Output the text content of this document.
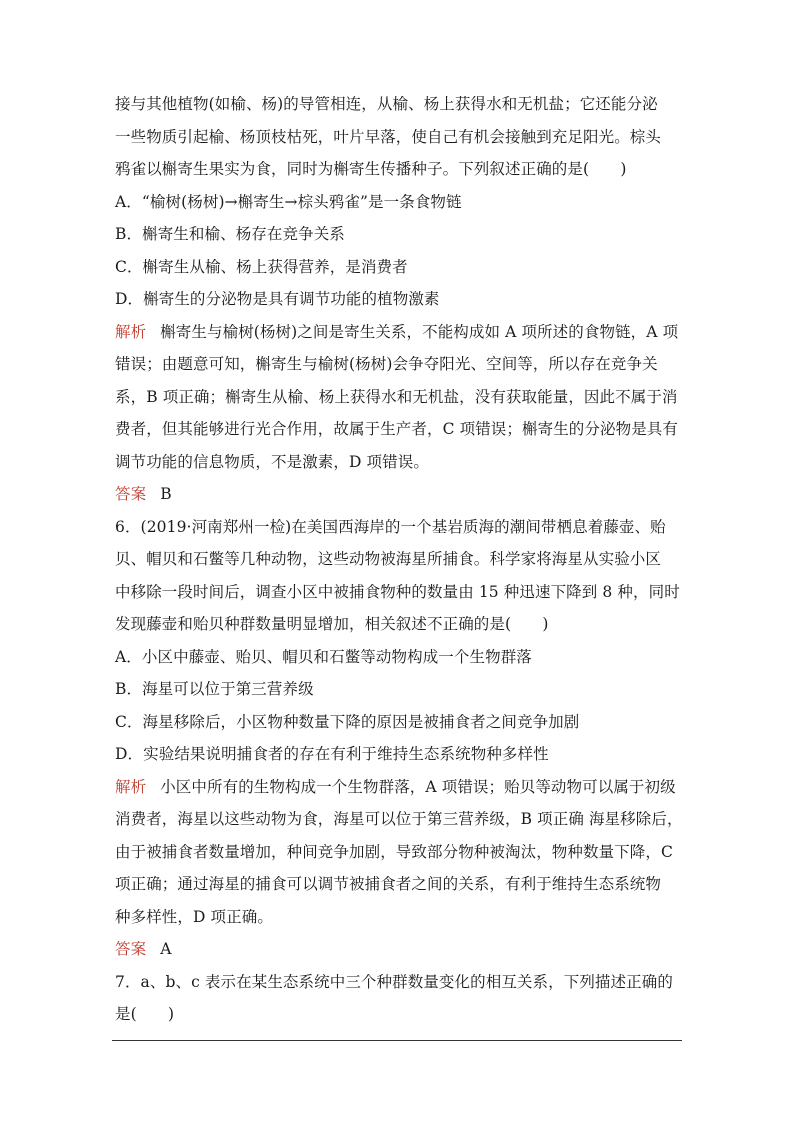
接与其他植物(如榆、杨)的导管相连，从榆、杨上获得水和无机盐；它还能分泌
一些物质引起榆、杨顶枝枯死，叶片早落，使自己有机会接触到充足阳光。棕头
鸦雀以槲寄生果实为食，同时为槲寄生传播种子。下列叙述正确的是(　　)
A．“榆树(杨树)→槲寄生→棕头鸦雀”是一条食物链
B．槲寄生和榆、杨存在竞争关系
C．槲寄生从榆、杨上获得营养，是消费者
D．槲寄生的分泌物是具有调节功能的植物激素
解析 槲寄生与榆树(杨树)之间是寄生关系，不能构成如 A 项所述的食物链，A 项
错误；由题意可知，槲寄生与榆树(杨树)会争夺阳光、空间等，所以存在竞争关
系，B 项正确；槲寄生从榆、杨上获得水和无机盐，没有获取能量，因此不属于消
费者，但其能够进行光合作用，故属于生产者，C 项错误；槲寄生的分泌物是具有
调节功能的信息物质，不是激素，D 项错误。
答案 B
6．(2019·河南郑州一检)在美国西海岸的一个基岩质海的潮间带栖息着藤壶、贻
贝、帽贝和石鳖等几种动物，这些动物被海星所捕食。科学家将海星从实验小区
中移除一段时间后，调查小区中被捕食物种的数量由 15 种迅速下降到 8 种，同时
发现藤壶和贻贝种群数量明显增加，相关叙述不正确的是(　　)
A．小区中藤壶、贻贝、帽贝和石鳖等动物构成一个生物群落
B．海星可以位于第三营养级
C．海星移除后，小区物种数量下降的原因是被捕食者之间竞争加剧
D．实验结果说明捕食者的存在有利于维持生态系统物种多样性
解析 小区中所有的生物构成一个生物群落，A 项错误；贻贝等动物可以属于初级
消费者，海星以这些动物为食，海星可以位于第三营养级，B 项正确 海星移除后，
由于被捕食者数量增加，种间竞争加剧，导致部分物种被淘汰，物种数量下降，C
项正确；通过海星的捕食可以调节被捕食者之间的关系，有利于维持生态系统物
种多样性，D 项正确。
答案 A
7．a、b、c 表示在某生态系统中三个种群数量变化的相互关系，下列描述正确的
是(　　)
